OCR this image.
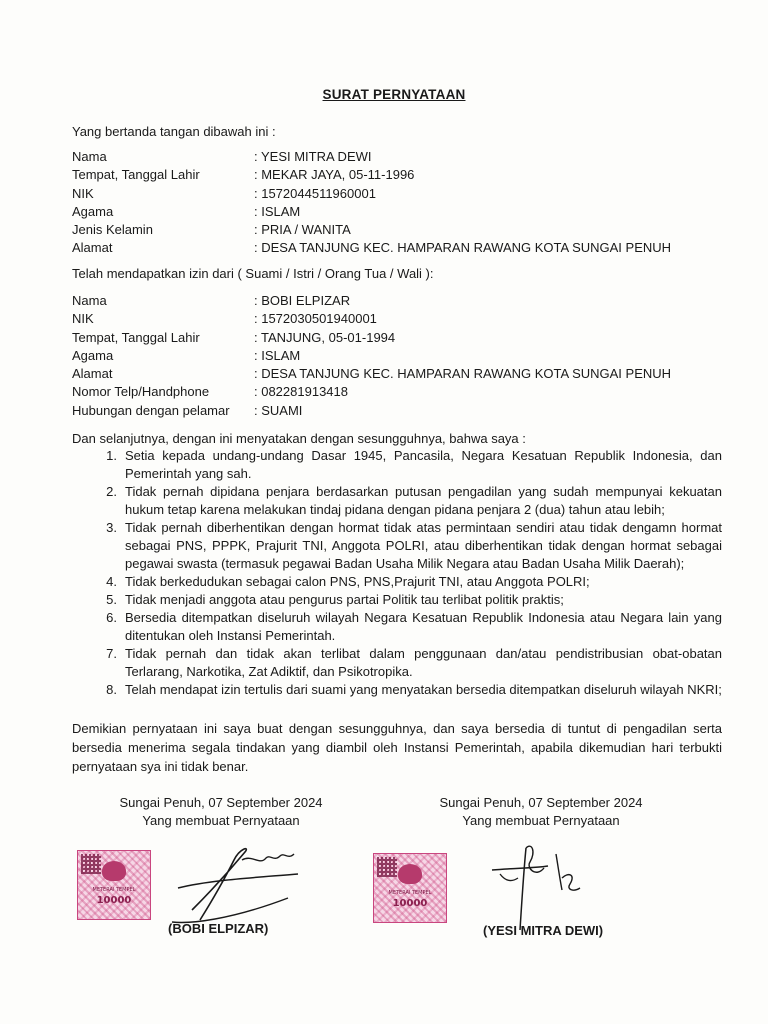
SURAT PERNYATAAN
Yang bertanda tangan dibawah ini :
Nama	: YESI MITRA DEWI
Tempat, Tanggal Lahir	: MEKAR JAYA, 05-11-1996
NIK	: 1572044511960001
Agama	: ISLAM
Jenis Kelamin	: PRIA / WANITA
Alamat	: DESA TANJUNG KEC. HAMPARAN RAWANG KOTA SUNGAI PENUH
Telah mendapatkan izin dari ( Suami / Istri / Orang Tua / Wali ):
Nama	: BOBI ELPIZAR
NIK	: 1572030501940001
Tempat, Tanggal Lahir	: TANJUNG, 05-01-1994
Agama	: ISLAM
Alamat	: DESA TANJUNG KEC. HAMPARAN RAWANG KOTA SUNGAI PENUH
Nomor Telp/Handphone	: 082281913418
Hubungan dengan pelamar	: SUAMI
Dan selanjutnya, dengan ini menyatakan dengan sesungguhnya, bahwa saya :
1. Setia kepada undang-undang Dasar 1945, Pancasila, Negara Kesatuan Republik Indonesia, dan Pemerintah yang sah.
2. Tidak pernah dipidana penjara berdasarkan putusan pengadilan yang sudah mempunyai kekuatan hukum tetap karena melakukan tindaj pidana dengan pidana penjara 2 (dua) tahun atau lebih;
3. Tidak pernah diberhentikan dengan hormat tidak atas permintaan sendiri atau tidak dengamn hormat sebagai PNS, PPPK, Prajurit TNI, Anggota POLRI, atau diberhentikan tidak dengan hormat sebagai pegawai swasta (termasuk pegawai Badan Usaha Milik Negara atau Badan Usaha Milik Daerah);
4. Tidak berkedudukan sebagai calon PNS, PNS,Prajurit TNI, atau Anggota POLRI;
5. Tidak menjadi anggota atau pengurus partai Politik tau terlibat politik praktis;
6. Bersedia ditempatkan diseluruh wilayah Negara Kesatuan Republik Indonesia atau Negara lain yang ditentukan oleh Instansi Pemerintah.
7. Tidak pernah dan tidak akan terlibat dalam penggunaan dan/atau pendistribusian obat-obatan Terlarang, Narkotika, Zat Adiktif, dan Psikotropika.
8. Telah mendapat izin tertulis dari suami yang menyatakan bersedia ditempatkan diseluruh wilayah NKRI;
Demikian pernyataan ini saya buat dengan sesungguhnya, dan saya bersedia di tuntut di pengadilan serta bersedia menerima segala tindakan yang diambil oleh Instansi Pemerintah, apabila dikemudian hari terbukti pernyataan sya ini tidak benar.
Sungai Penuh, 07 September 2024
Yang membuat Pernyataan
METERAI TEMPEL
10000
(BOBI ELPIZAR)
Sungai Penuh, 07 September 2024
Yang membuat Pernyataan
METERAI TEMPEL
10000
(YESI MITRA DEWI)
